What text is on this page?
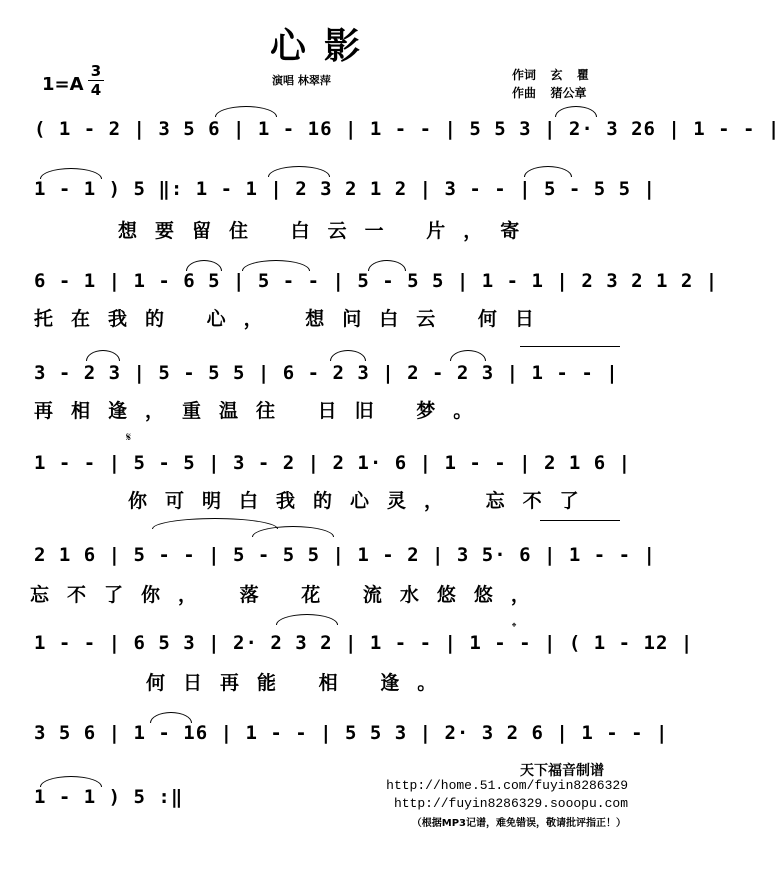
心影
1=A
3
4
演唱 林翠萍	作词  玄  瞿
作曲  猪公章
( 1 - 2 | 3 5 6 | 1 - 16 | 1 - - | 5 5 3 | 2· 3 26 | 1 - - |
1 - 1 ) 5 ‖: 1 - 1 | 2 3 2 1 2 | 3 - - | 5 - 5 5 |
想要留住 白云一 片，寄
6 - 1 | 1 - 6 5 | 5 - - | 5 - 5 5 | 1 - 1 | 2 3 2 1 2 |
托在我的 心， 想问白云 何日
3 - 2 3 | 5 - 5 5 | 6 - 2 3 | 2 - 2 3 | 1 - - |
再相逢，重温往 日旧 梦。
1 - - | 5 - 5 | 3 - 2 | 2 1· 6 | 1 - - | 2 1 6 |
你可明白我的心灵， 忘不了
𝄋
2 1 6 | 5 - - | 5 - 5 5 | 1 - 2 | 3 5· 6 | 1 - - |
忘不了你， 落 花 流水悠悠，
1 - - | 6 5 3 | 2· 2 3 2 | 1 - - | 1 - - | ( 1 - 12 |
何日再能 相 逢。
𝄌
3 5 6 | 1 - 16 | 1 - - | 5 5 3 | 2· 3 2 6 | 1 - - |
1 - 1 ) 5 :‖
天下福音制谱
http://home.51.com/fuyin8286329
http://fuyin8286329.sooopu.com
（根据MP3记谱，难免错误，敬请批评指正！）
